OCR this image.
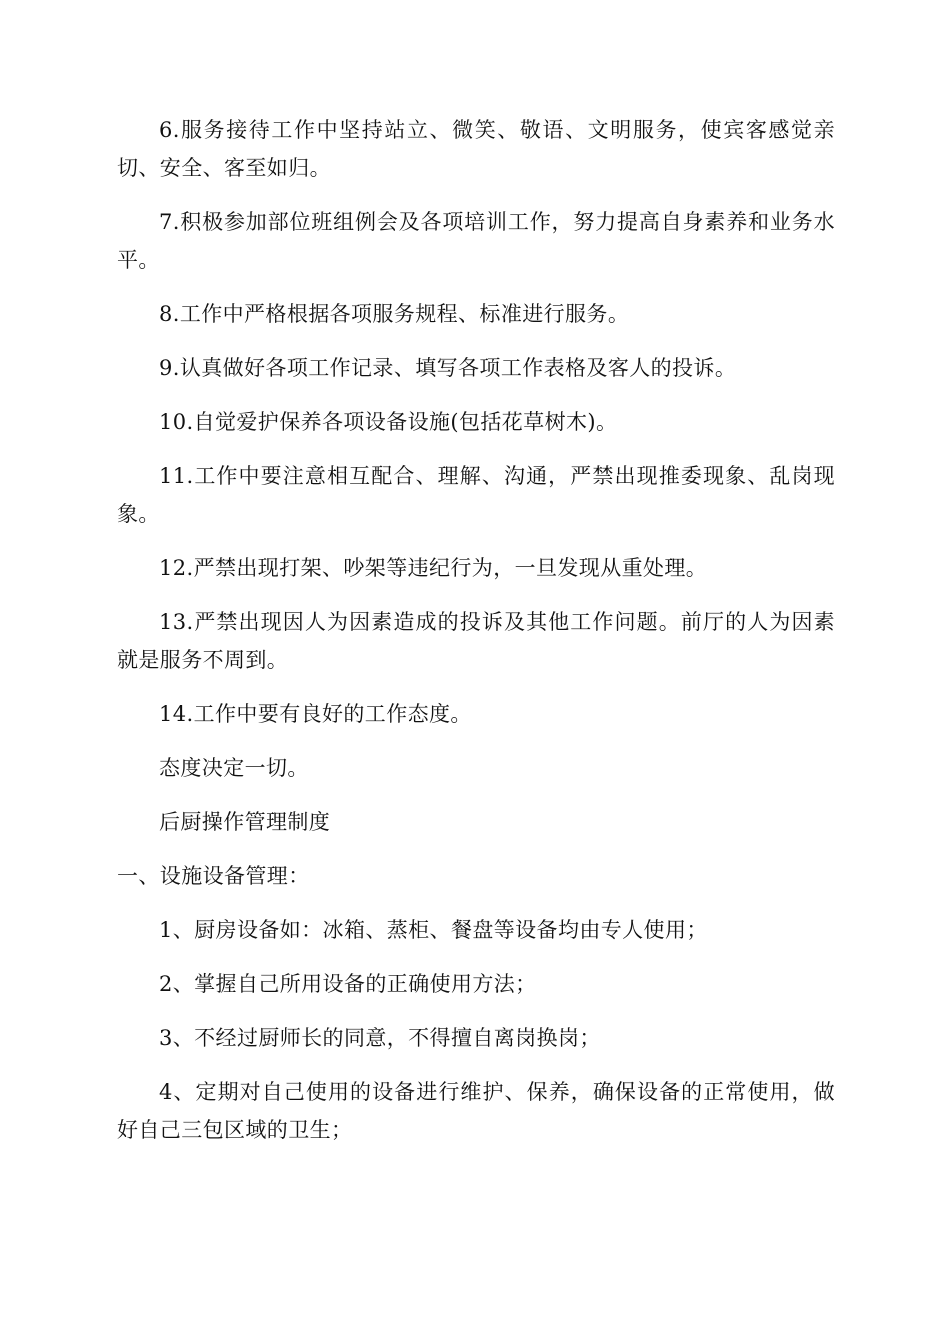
6.服务接待工作中坚持站立、微笑、敬语、文明服务，使宾客感觉亲切、安全、客至如归。

7.积极参加部位班组例会及各项培训工作，努力提高自身素养和业务水平。

8.工作中严格根据各项服务规程、标准进行服务。

9.认真做好各项工作记录、填写各项工作表格及客人的投诉。

10.自觉爱护保养各项设备设施(包括花草树木)。

11.工作中要注意相互配合、理解、沟通，严禁出现推委现象、乱岗现象。

12.严禁出现打架、吵架等违纪行为，一旦发现从重处理。

13.严禁出现因人为因素造成的投诉及其他工作问题。前厅的人为因素就是服务不周到。

14.工作中要有良好的工作态度。

态度决定一切。

后厨操作管理制度

一、设施设备管理：

1、厨房设备如：冰箱、蒸柜、餐盘等设备均由专人使用；

2、掌握自己所用设备的正确使用方法；

3、不经过厨师长的同意，不得擅自离岗换岗；

4、定期对自己使用的设备进行维护、保养，确保设备的正常使用，做好自己三包区域的卫生；
